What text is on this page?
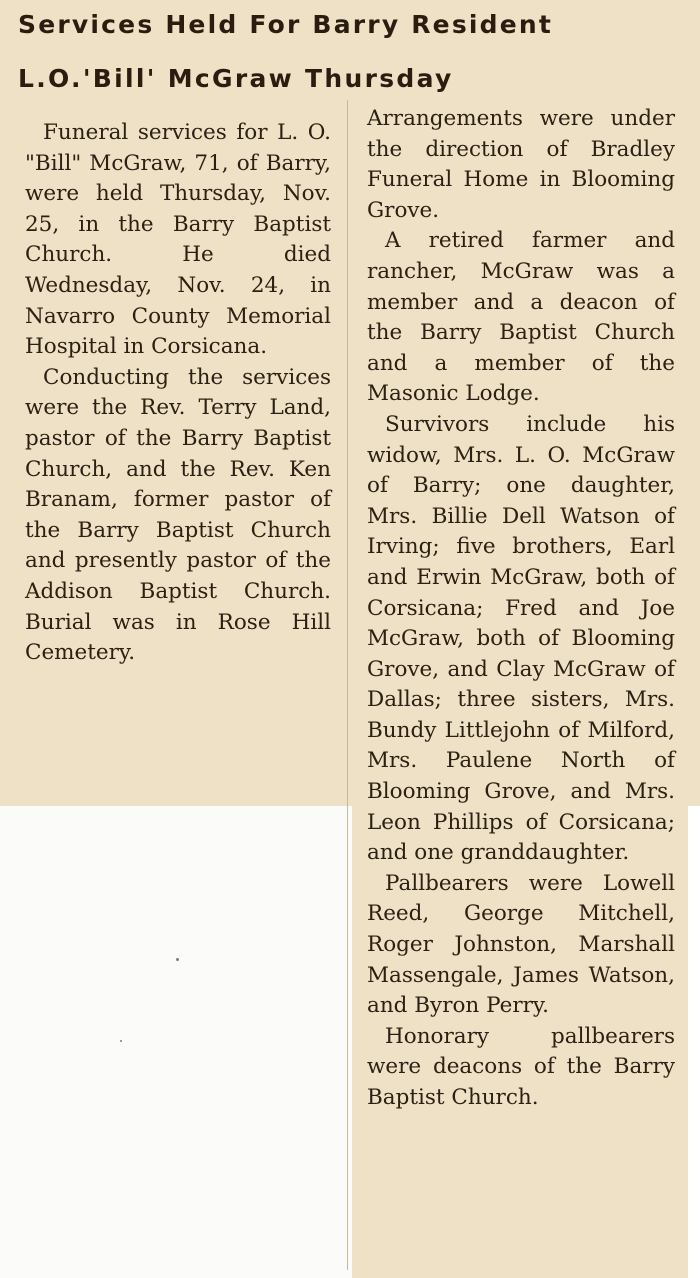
Services Held For Barry Resident
L.O.'Bill' McGraw Thursday

Funeral services for L. O. "Bill" McGraw, 71, of Barry, were held Thursday, Nov. 25, in the Barry Baptist Church. He died Wednesday, Nov. 24, in Navarro County Memorial Hospital in Corsicana.

Conducting the services were the Rev. Terry Land, pastor of the Barry Baptist Church, and the Rev. Ken Branam, former pastor of the Barry Baptist Church and presently pastor of the Addison Baptist Church. Burial was in Rose Hill Cemetery.

Arrangements were under the direction of Bradley Funeral Home in Blooming Grove.

A retired farmer and rancher, McGraw was a member and a deacon of the Barry Baptist Church and a member of the Masonic Lodge.

Survivors include his widow, Mrs. L. O. McGraw of Barry; one daughter, Mrs. Billie Dell Watson of Irving; five brothers, Earl and Erwin McGraw, both of Corsicana; Fred and Joe McGraw, both of Blooming Grove, and Clay McGraw of Dallas; three sisters, Mrs. Bundy Littlejohn of Milford, Mrs. Paulene North of Blooming Grove, and Mrs. Leon Phillips of Corsicana; and one granddaughter.

Pallbearers were Lowell Reed, George Mitchell, Roger Johnston, Marshall Massengale, James Watson, and Byron Perry.

Honorary pallbearers were deacons of the Barry Baptist Church.
